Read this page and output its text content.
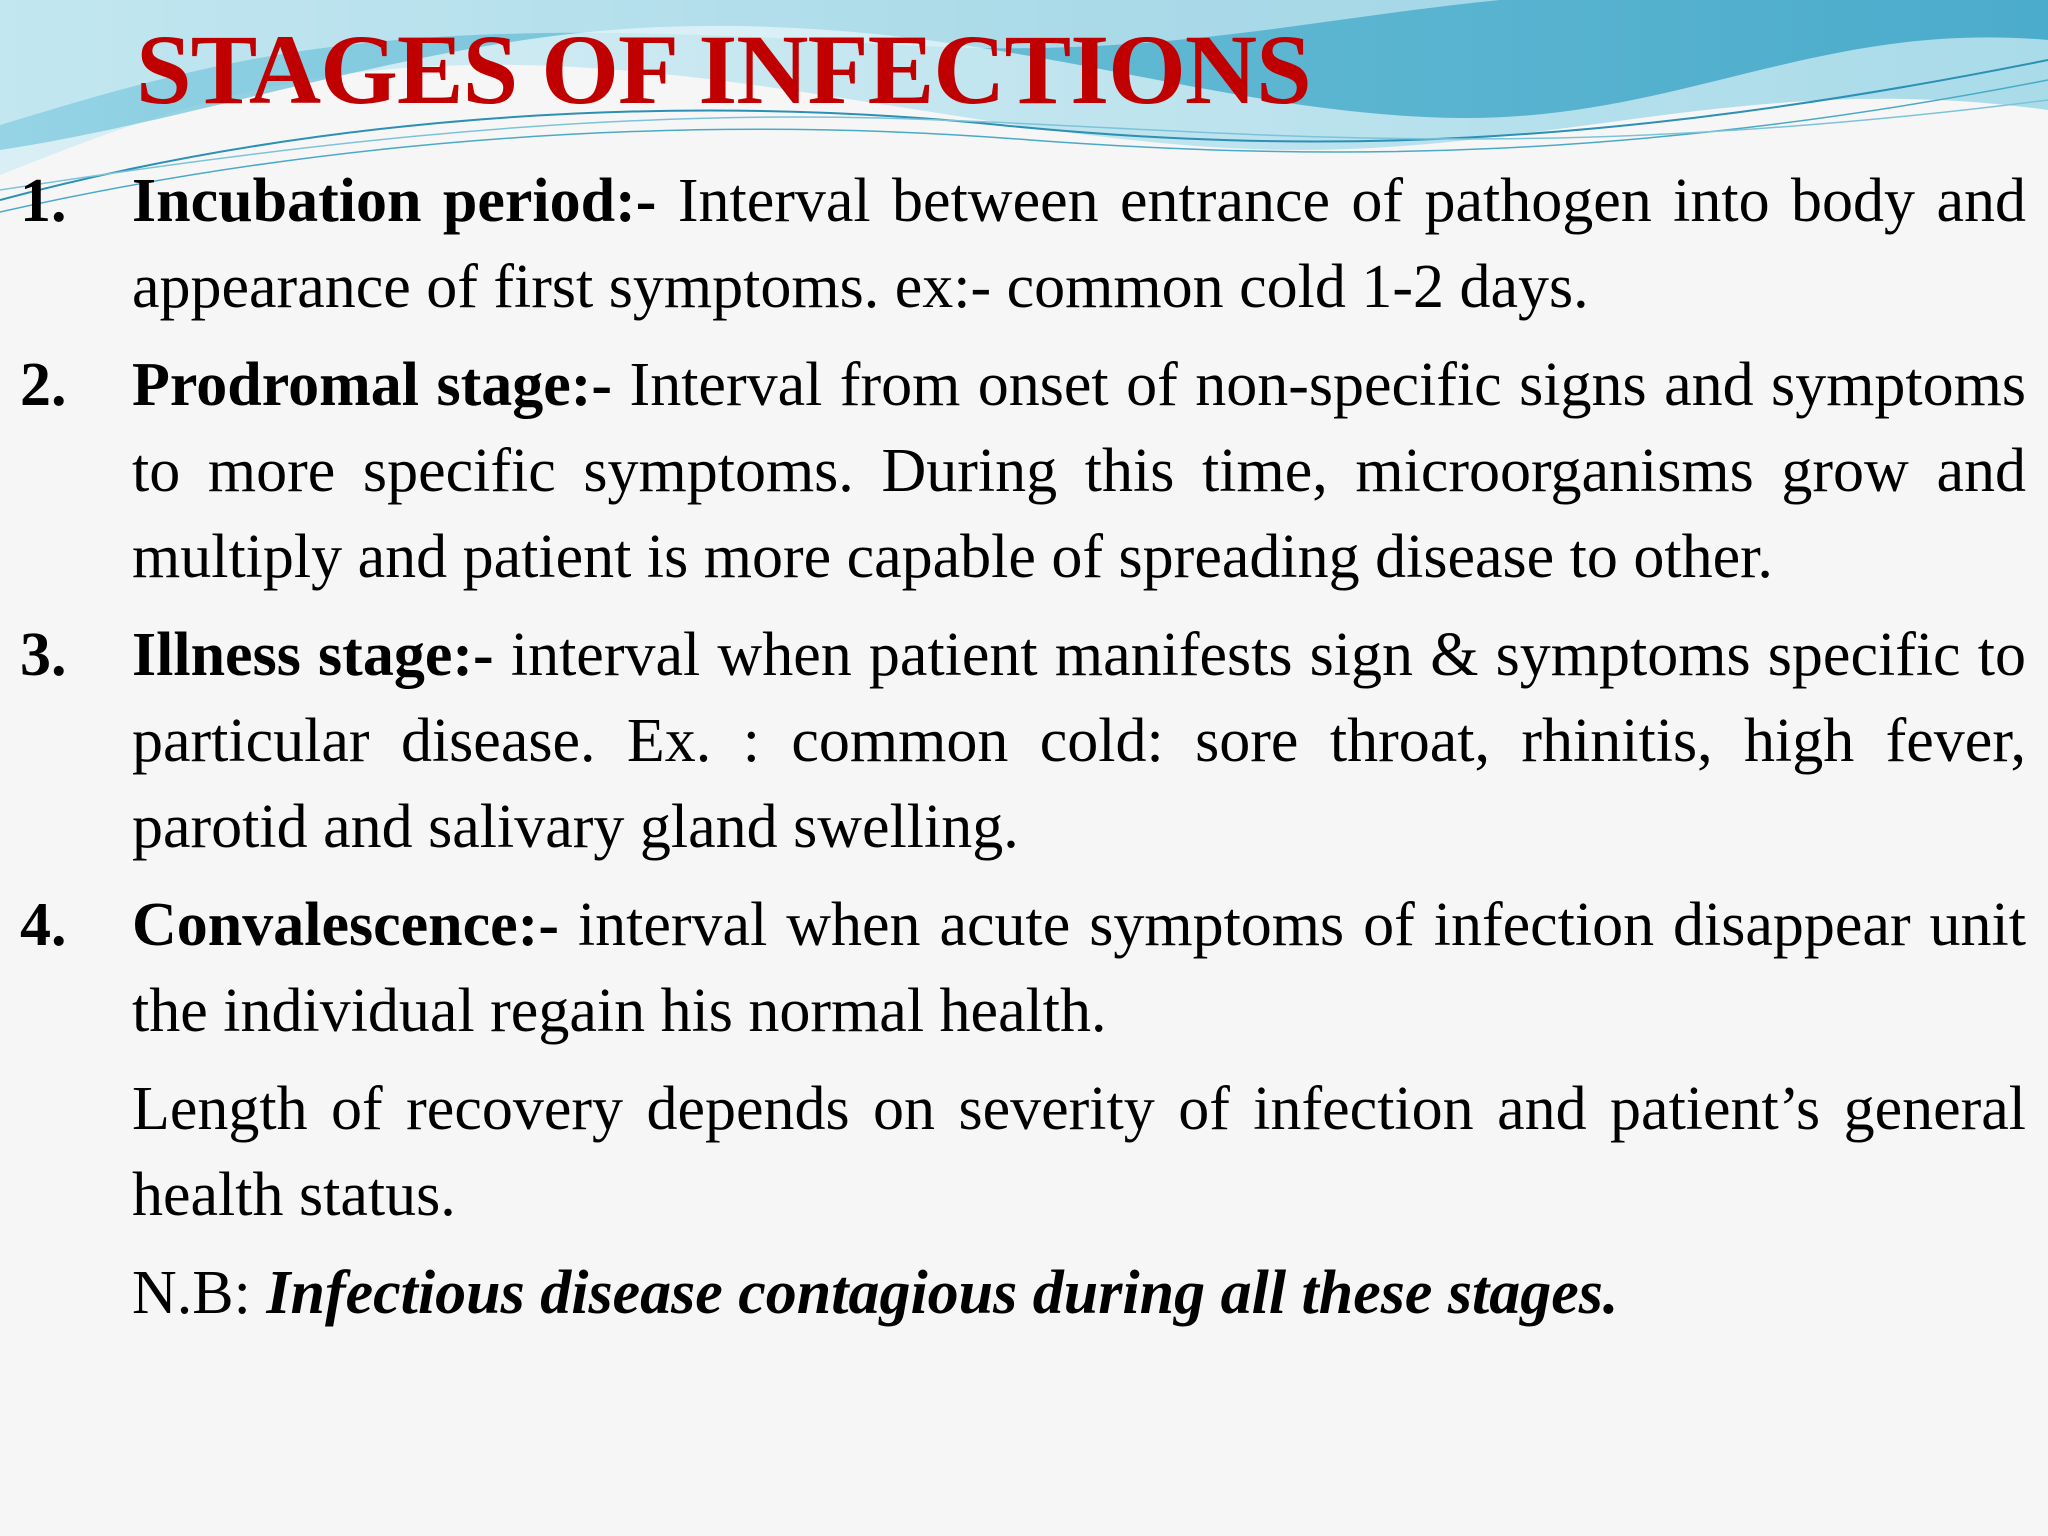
STAGES OF INFECTIONS
1. Incubation period:- Interval between entrance of pathogen into body and appearance of first symptoms. ex:- common cold 1-2 days.
2. Prodromal stage:- Interval from onset of non-specific signs and symptoms to more specific symptoms. During this time, microorganisms grow and multiply and patient is more capable of spreading disease to other.
3. Illness stage:- interval when patient manifests sign & symptoms specific to particular disease. Ex. : common cold: sore throat, rhinitis, high fever, parotid and salivary gland swelling.
4. Convalescence:- interval when acute symptoms of infection disappear unit the individual regain his normal health.

Length of recovery depends on severity of infection and patient’s general health status.

N.B: Infectious disease contagious during all these stages.
